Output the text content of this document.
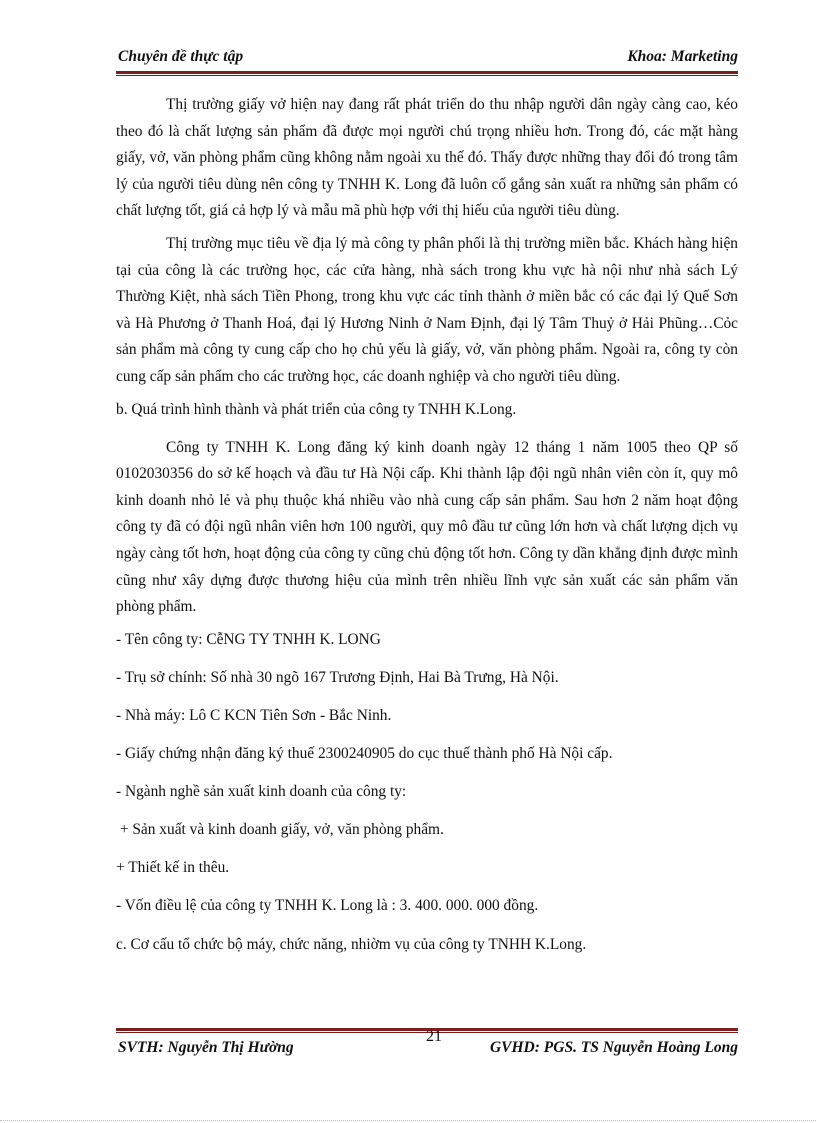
Chuyên đề thực tập	Khoa: Marketing

Thị trường giấy vở hiện nay đang rất phát triển do thu nhập người dân ngày càng cao, kéo theo đó là chất lượng sản phẩm đã được mọi người chú trọng nhiều hơn. Trong đó, các mặt hàng giấy, vở, văn phòng phẩm cũng không nằm ngoài xu thế đó. Thấy được những thay đổi đó trong tâm lý của người tiêu dùng nên công ty TNHH K. Long đã luôn cố gắng sản xuất ra những sản phẩm có chất lượng tốt, giá cả hợp lý và mẫu mã phù hợp với thị hiếu của người tiêu dùng.

Thị trường mục tiêu về địa lý mà công ty phân phối là thị trường miền bắc. Khách hàng hiện tại của công là các trường học, các cửa hàng, nhà sách trong khu vực hà nội như nhà sách Lý Thường Kiệt, nhà sách Tiền Phong, trong khu vực các tỉnh thành ở miền bắc có các đại lý Quế Sơn và Hà Phương ở Thanh Hoá, đại lý Hương Ninh ở Nam Định, đại lý Tâm Thuỷ ở Hải Phũng…Cỏc sản phẩm mà công ty cung cấp cho họ chủ yếu là giấy, vở, văn phòng phẩm. Ngoài ra, công ty còn cung cấp sản phẩm cho các trường học, các doanh nghiệp và cho người tiêu dùng.

b. Quá trình hình thành và phát triển của công ty TNHH K.Long.

Công ty TNHH K. Long đăng ký kinh doanh ngày 12 tháng 1 năm 1005 theo QP số 0102030356 do sở kế hoạch và đầu tư Hà Nội cấp. Khi thành lập đội ngũ nhân viên còn ít, quy mô kinh doanh nhỏ lẻ và phụ thuộc khá nhiều vào nhà cung cấp sản phẩm. Sau hơn 2 năm hoạt động công ty đã có đội ngũ nhân viên hơn 100 người, quy mô đầu tư cũng lớn hơn và chất lượng dịch vụ ngày càng tốt hơn, hoạt động của công ty cũng chủ động tốt hơn. Công ty dần khẳng định được mình cũng như xây dựng được thương hiệu của mình trên nhiều lĩnh vực sản xuất các sản phẩm văn phòng phẩm.

- Tên công ty: CễNG TY TNHH K. LONG

- Trụ sở chính: Số nhà 30 ngõ 167 Trương Định, Hai Bà Trưng, Hà Nội.

- Nhà máy: Lô C KCN Tiên Sơn - Bắc Ninh.

- Giấy chứng nhận đăng ký thuế 2300240905 do cục thuế thành phố Hà Nội cấp.

- Ngành nghề sản xuất kinh doanh của công ty:

+ Sản xuất và kinh doanh giấy, vở, văn phòng phẩm.

+ Thiết kế in thêu.

- Vốn điều lệ của công ty TNHH K. Long là : 3. 400. 000. 000 đồng.

c. Cơ cấu tổ chức bộ máy, chức năng, nhiờm vụ của công ty TNHH K.Long.

SVTH: Nguyễn Thị Hường
21
GVHD: PGS. TS Nguyễn Hoàng Long
